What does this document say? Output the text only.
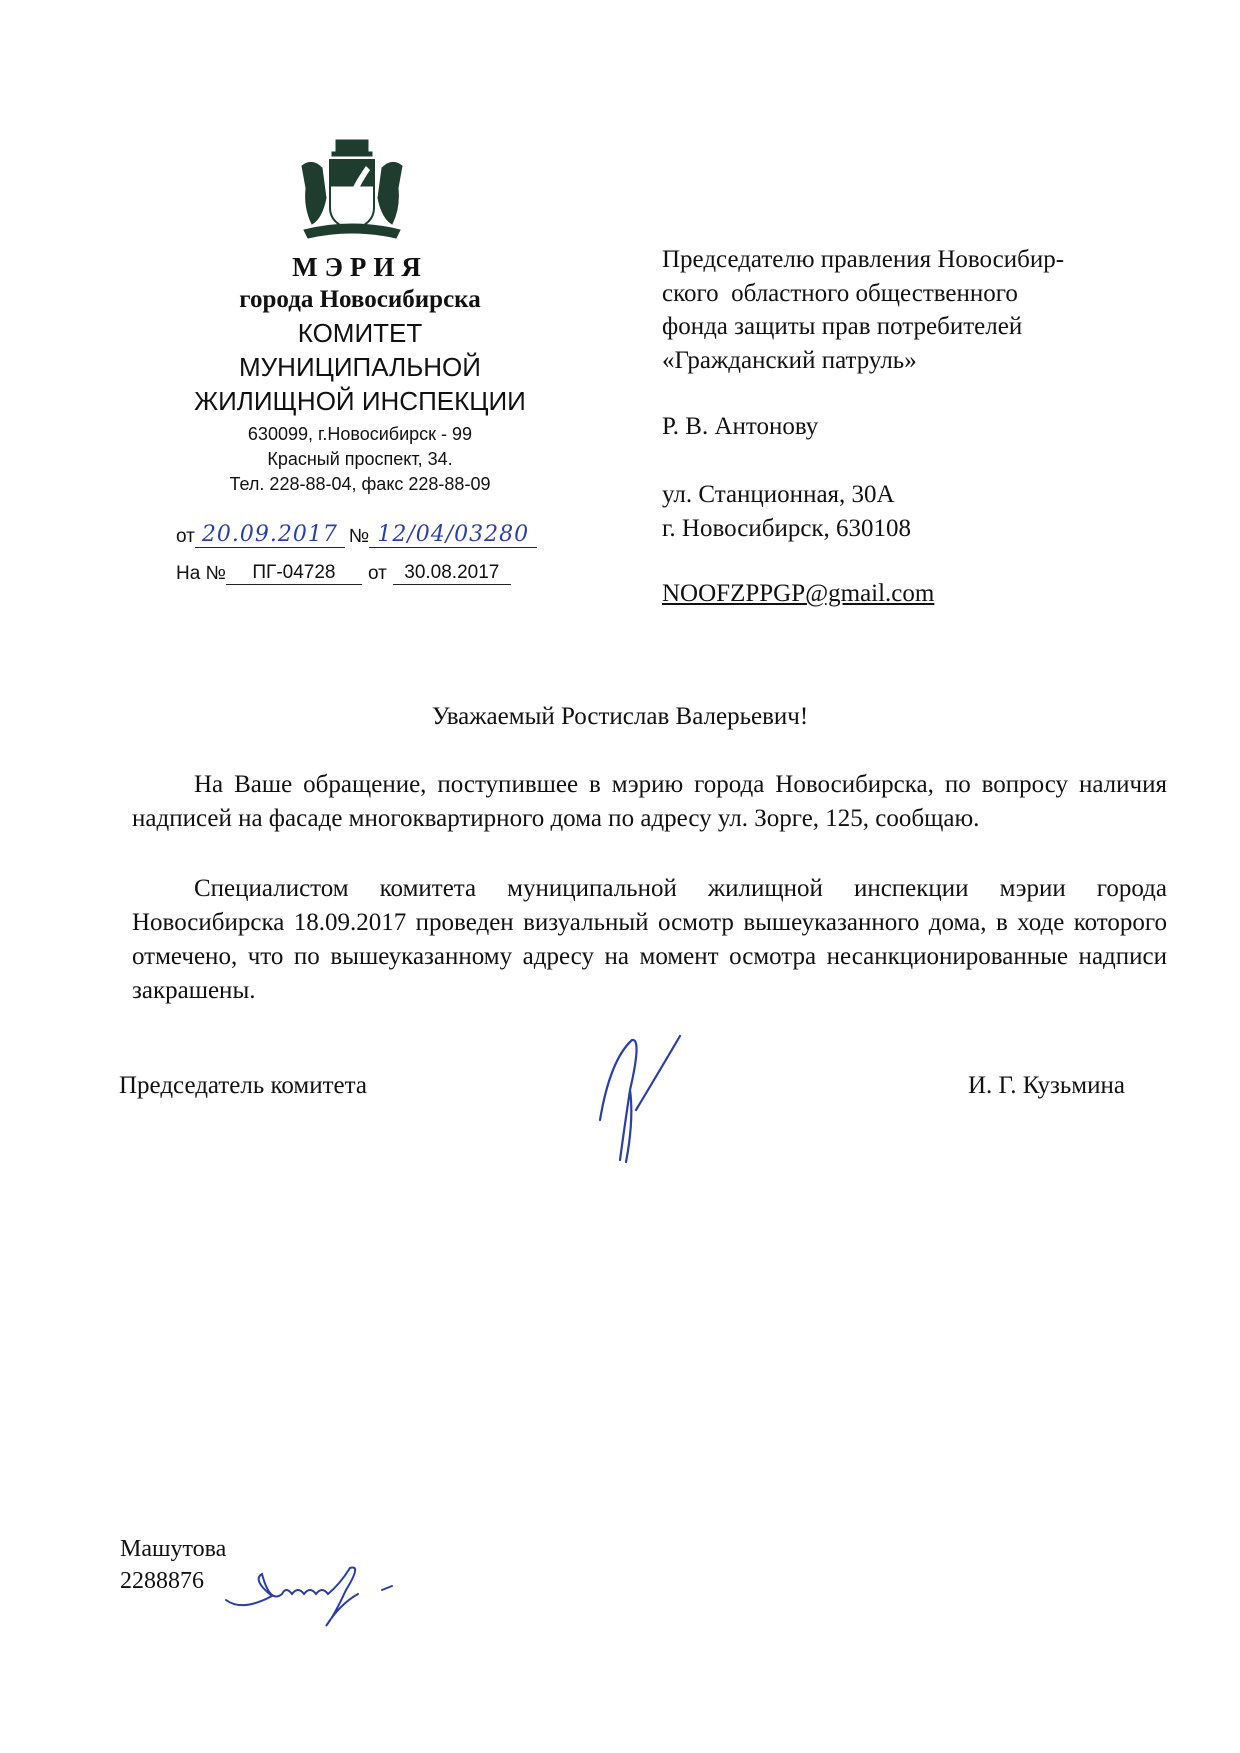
МЭРИЯ
города Новосибирска
КОМИТЕТ
МУНИЦИПАЛЬНОЙ
ЖИЛИЩНОЙ ИНСПЕКЦИИ
630099, г.Новосибирск - 99
Красный проспект, 34.
Тел. 228-88-04, факс 228-88-09
от 20.09.2017 № 12/04/03280
На №	ПГ-04728	от 30.08.2017
Председателю правления Новосибир-
ского  областного общественного
фонда защиты прав потребителей
«Гражданский патруль»
Р. В. Антонову
ул. Станционная, 30А
г. Новосибирск, 630108
NOOFZPPGP@gmail.com
Уважаемый Ростислав Валерьевич!
На Ваше обращение, поступившее в мэрию города Новосибирска, по вопросу наличия надписей на фасаде многоквартирного дома по адресу ул. Зорге, 125, сообщаю.
Специалистом комитета муниципальной жилищной инспекции мэрии города Новосибирска 18.09.2017 проведен визуальный осмотр вышеуказанного дома, в ходе которого отмечено, что по вышеуказанному адресу на момент осмотра несанкционированные надписи закрашены.
Председатель комитета	И. Г. Кузьмина
Машутова
2288876
